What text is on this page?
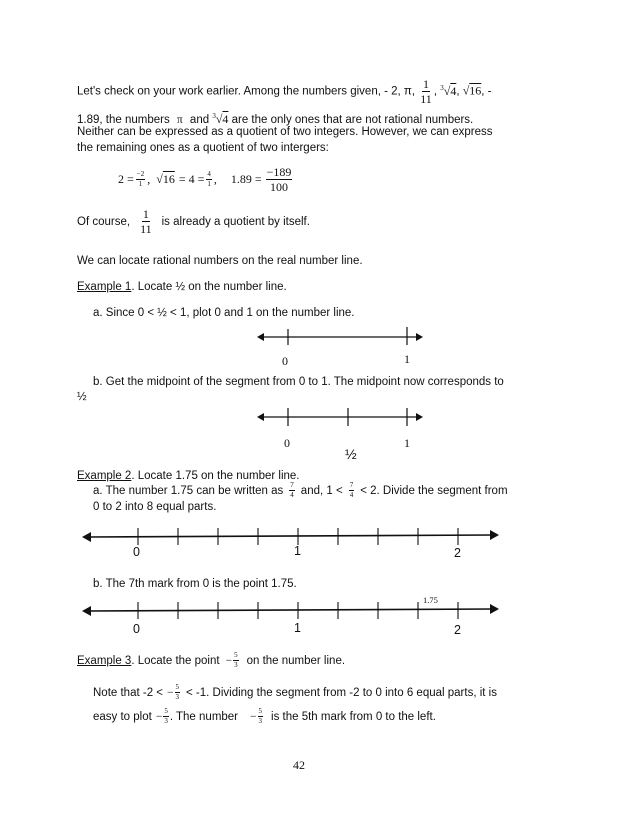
Let's check on your work earlier. Among the numbers given, - 2, π, $\frac{1}{11}$ , $^3$√4, √16, -
1.89, the numbers π and $^3$√4 are the only ones that are not rational numbers.
Neither can be expressed as a quotient of two integers. However, we can express
the remaining ones as a quotient of two intergers:
$2 = \frac{-2}{1}$ , $√16 = 4 = \frac{4}{1}$ , $1.89 = \frac{-189}{100}$
Of course, $\frac{1}{11}$ is already a quotient by itself.
We can locate rational numbers on the real number line.
Example 1. Locate ½ on the number line.
a. Since 0 < ½ < 1, plot 0 and 1 on the number line.
0	1
b. Get the midpoint of the segment from 0 to 1. The midpoint now corresponds to
½
0	1
½
Example 2. Locate 1.75 on the number line.
a. The number 1.75 can be written as $\frac{7}{4}$ and, $1 < \frac{7}{4} < 2$. Divide the segment from
0 to 2 into 8 equal parts.
0	1	2
b. The 7th mark from 0 is the point 1.75.
1.75
0	1	2
Example 3 . Locate the point − $\frac{5}{3}$ on the number line.
Note that -2 < − $\frac{5}{3} < -1$. Dividing the segment from -2 to 0 into 6 equal parts, it is
easy to plot − $\frac{5}{3}$ . The number − $\frac{5}{3}$ is the 5th mark from 0 to the left.
42
